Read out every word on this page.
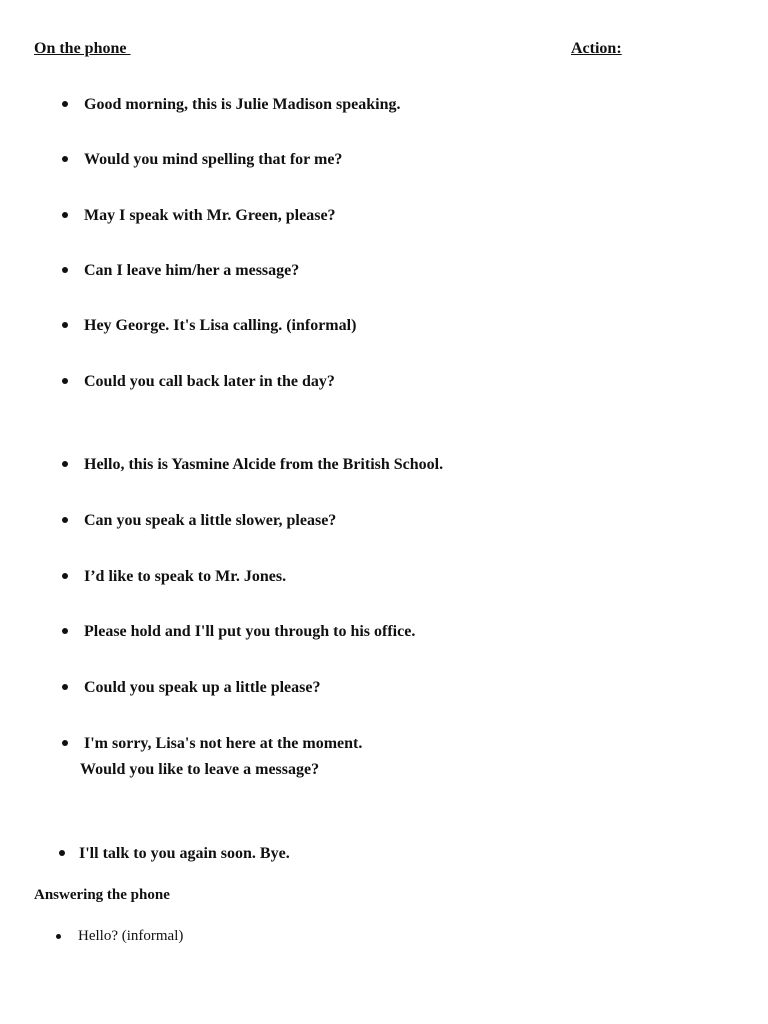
On the phone	Action:
Good morning, this is Julie Madison speaking.
Would you mind spelling that for me?
May I speak with Mr. Green, please?
Can I leave him/her a message?
Hey George. It's Lisa calling. (informal)
Could you call back later in the day?
Hello, this is Yasmine Alcide from the British School.
Can you speak a little slower, please?
I’d like to speak to Mr. Jones.
Please hold and I'll put you through to his office.
Could you speak up a little please?
I'm sorry, Lisa's not here at the moment.
Would you like to leave a message?
I'll talk to you again soon. Bye.
Answering the phone
Hello? (informal)
